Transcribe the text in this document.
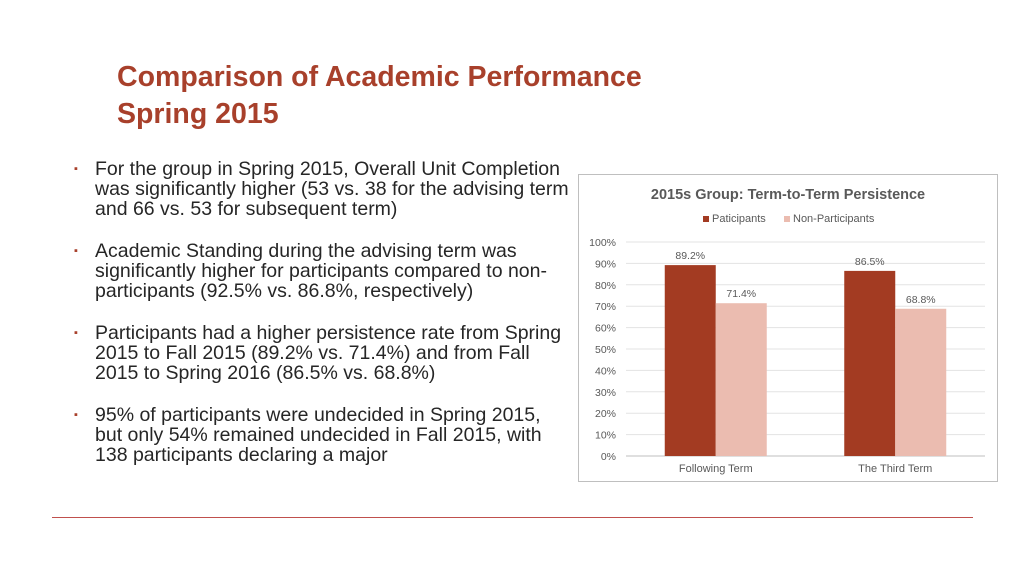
Comparison of Academic Performance
Spring 2015
▪ For the group in Spring 2015, Overall Unit Completion was significantly higher (53 vs. 38 for the advising term and 66 vs. 53 for subsequent term)
▪ Academic Standing during the advising term was significantly higher for participants compared to non-participants (92.5% vs. 86.8%, respectively)
▪ Participants had a higher persistence rate from Spring 2015 to Fall 2015 (89.2% vs. 71.4%) and from Fall 2015 to Spring 2016 (86.5% vs. 68.8%)
▪ 95% of participants were undecided in Spring 2015, but only 54% remained undecided in Fall 2015, with 138 participants declaring a major
2015s Group: Term-to-Term Persistence
Paticipants Non-Participants
0%
10%
20%
30%
40%
50%
60%
70%
80%
90%
100%
89.2%
71.4%
86.5%
68.8%
Following Term	The Third Term
